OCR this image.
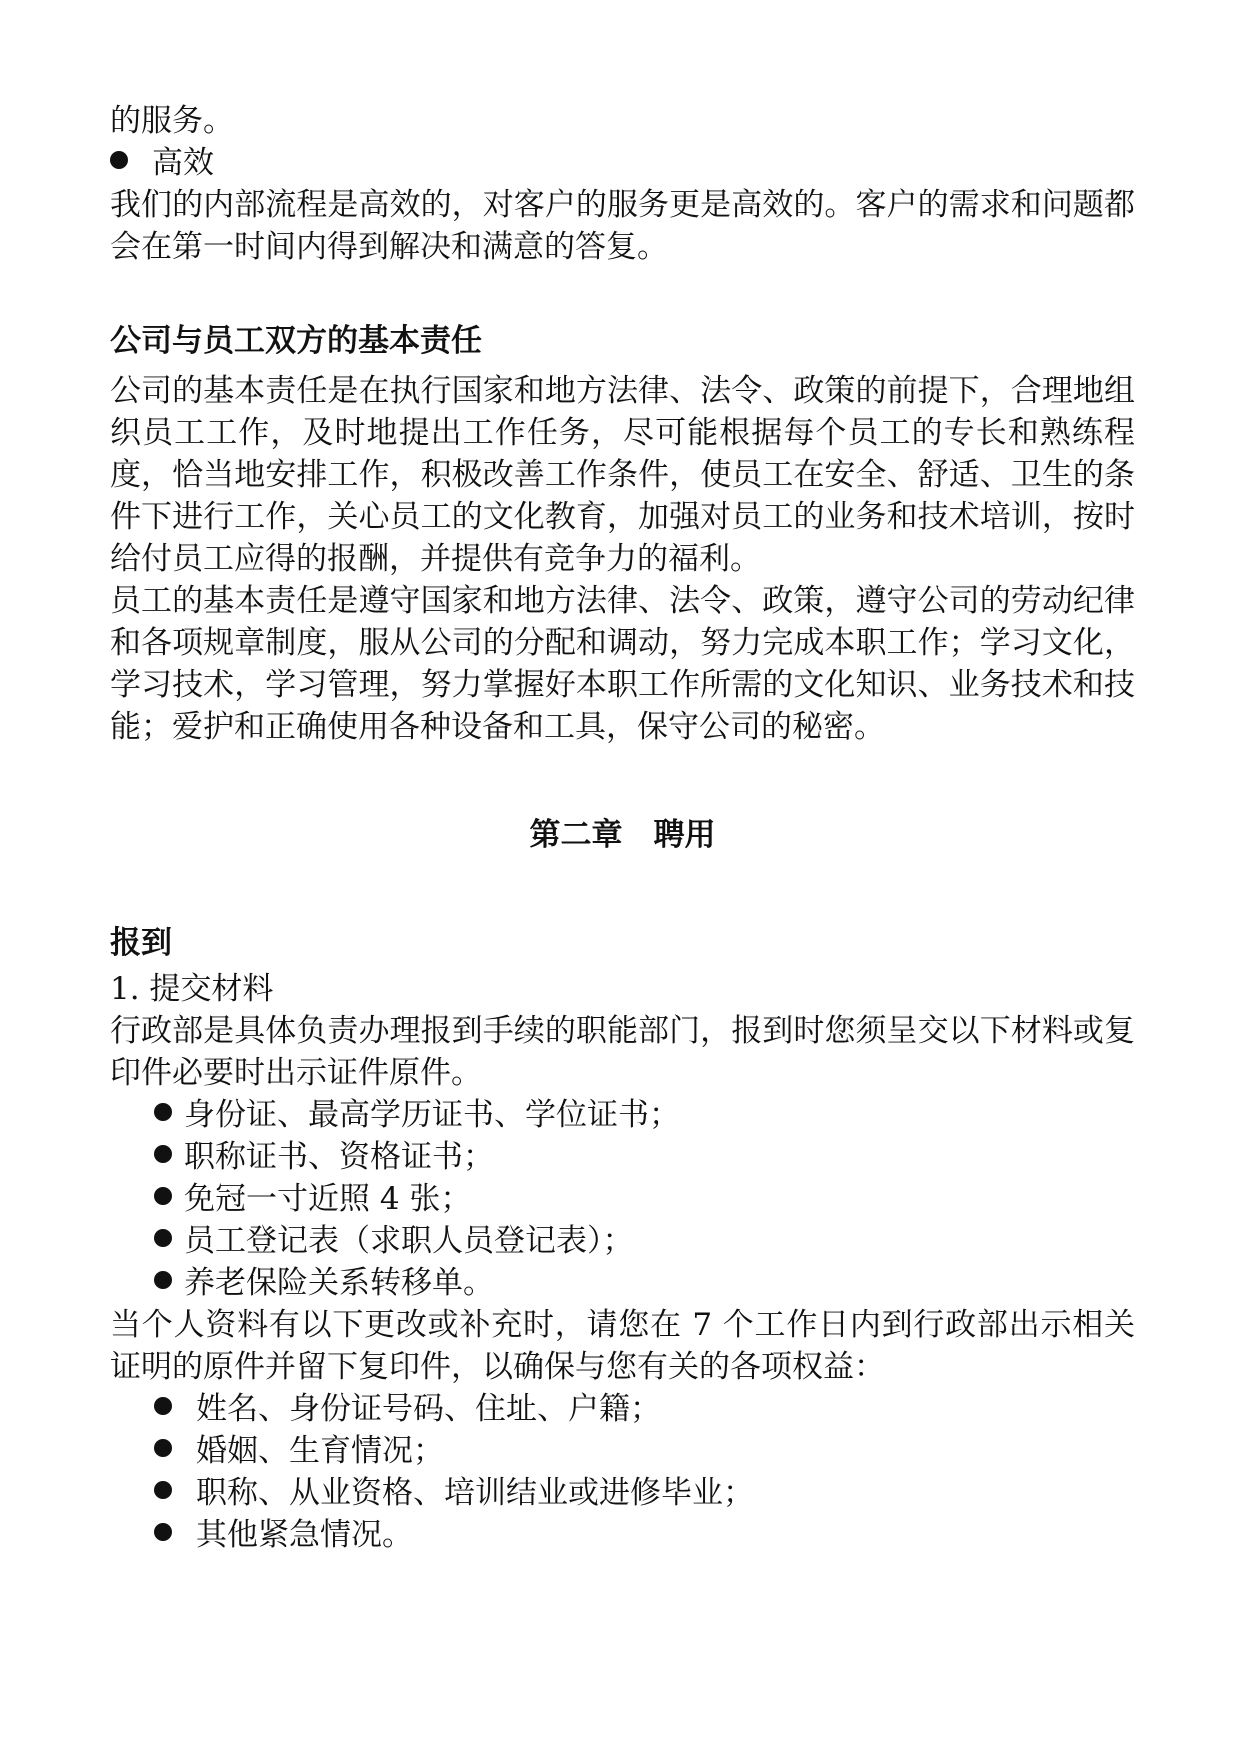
的服务。

高效

我们的内部流程是高效的，对客户的服务更是高效的。客户的需求和问题都会在第一时间内得到解决和满意的答复。

公司与员工双方的基本责任

公司的基本责任是在执行国家和地方法律、法令、政策的前提下，合理地组织员工工作，及时地提出工作任务，尽可能根据每个员工的专长和熟练程度，恰当地安排工作，积极改善工作条件，使员工在安全、舒适、卫生的条件下进行工作，关心员工的文化教育，加强对员工的业务和技术培训，按时给付员工应得的报酬，并提供有竞争力的福利。

员工的基本责任是遵守国家和地方法律、法令、政策，遵守公司的劳动纪律和各项规章制度，服从公司的分配和调动，努力完成本职工作；学习文化，学习技术，学习管理，努力掌握好本职工作所需的文化知识、业务技术和技能；爱护和正确使用各种设备和工具，保守公司的秘密。

第二章　聘用
报到

1. 提交材料

行政部是具体负责办理报到手续的职能部门，报到时您须呈交以下材料或复印件必要时出示证件原件。

身份证、最高学历证书、学位证书；
职称证书、资格证书；
免冠一寸近照 4 张；
员工登记表（求职人员登记表）；
养老保险关系转移单。

当个人资料有以下更改或补充时，请您在 7 个工作日内到行政部出示相关证明的原件并留下复印件，以确保与您有关的各项权益：

姓名、身份证号码、住址、户籍；
婚姻、生育情况；
职称、从业资格、培训结业或进修毕业；
其他紧急情况。
